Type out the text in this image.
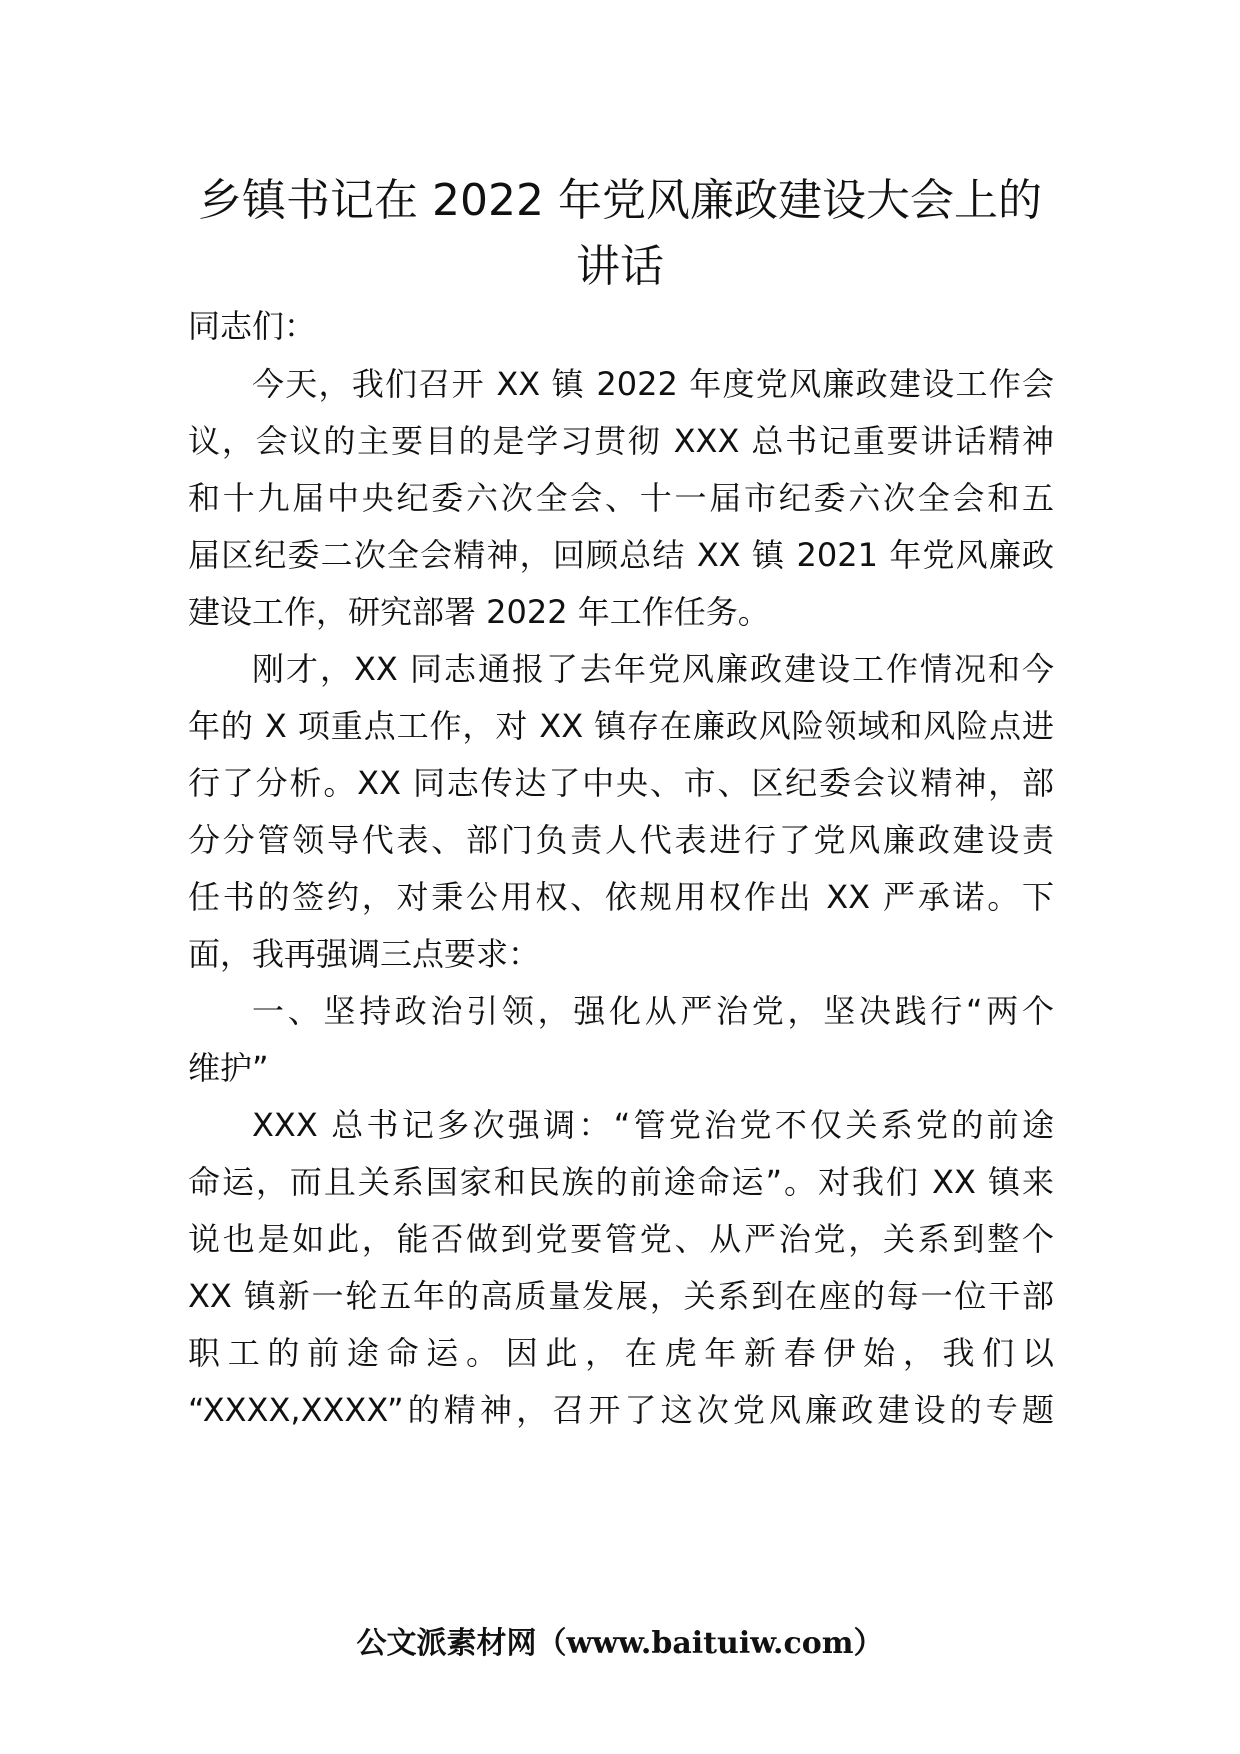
乡镇书记在 2022 年党风廉政建设大会上的
讲话
同志们：
今天，我们召开 XX 镇 2022 年度党风廉政建设工作会
议，会议的主要目的是学习贯彻 XXX 总书记重要讲话精神
和十九届中央纪委六次全会、十一届市纪委六次全会和五
届区纪委二次全会精神，回顾总结 XX 镇 2021 年党风廉政
建设工作，研究部署 2022 年工作任务。
刚才，XX 同志通报了去年党风廉政建设工作情况和今
年的 X 项重点工作，对 XX 镇存在廉政风险领域和风险点进
行了分析。XX 同志传达了中央、市、区纪委会议精神，部
分分管领导代表、部门负责人代表进行了党风廉政建设责
任书的签约，对秉公用权、依规用权作出 XX 严承诺。下
面，我再强调三点要求：
一、坚持政治引领，强化从严治党，坚决践行“两个
维护”
XXX 总书记多次强调：“管党治党不仅关系党的前途
命运，而且关系国家和民族的前途命运”。对我们 XX 镇来
说也是如此，能否做到党要管党、从严治党，关系到整个
XX 镇新一轮五年的高质量发展，关系到在座的每一位干部
职工的前途命运。因此，在虎年新春伊始，我们以
“XXXX,XXXX”的精神，召开了这次党风廉政建设的专题
公文派素材网（www.baituiw.com）
